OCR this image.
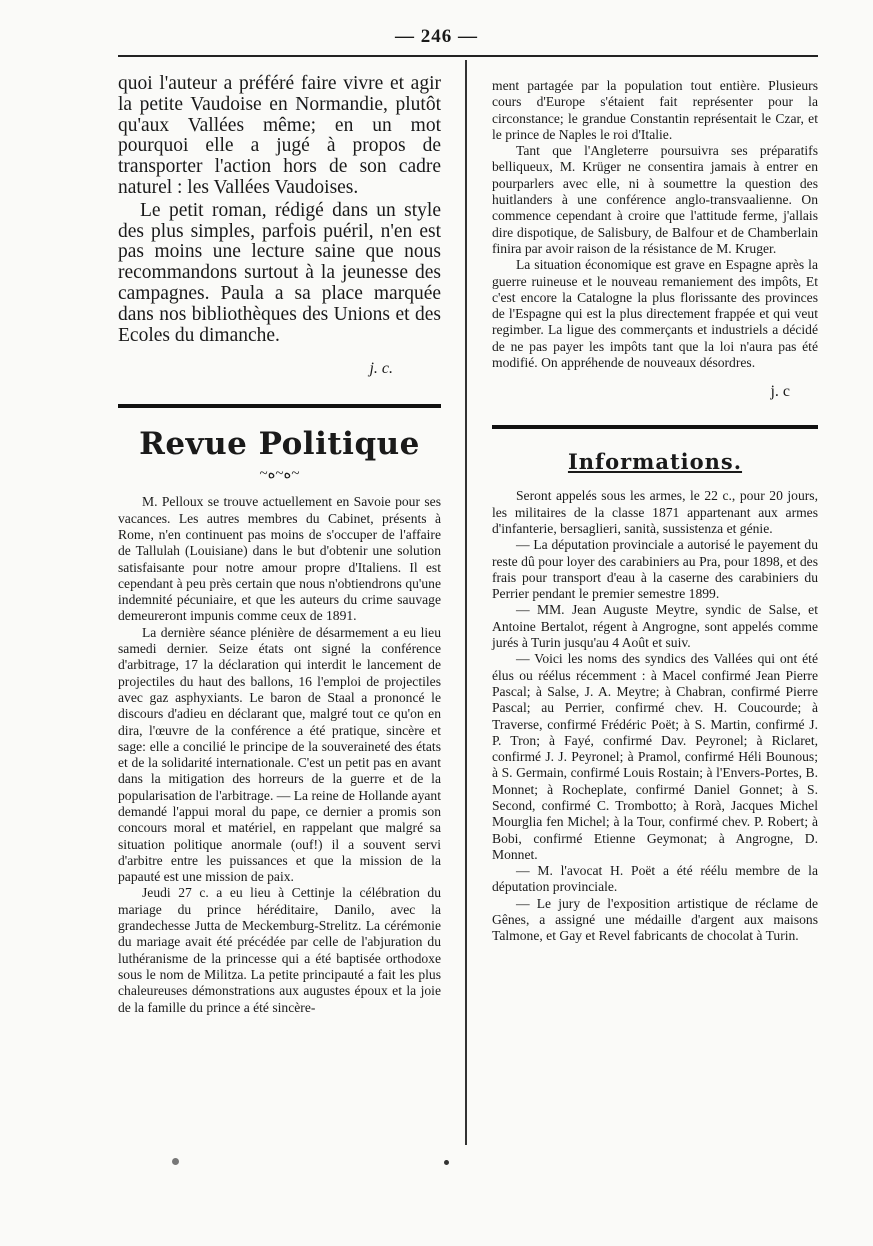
— 246 —

quoi l'auteur a préféré faire vivre et agir la petite Vaudoise en Normandie, plutôt qu'aux Vallées même; en un mot pourquoi elle a jugé à propos de transporter l'action hors de son cadre naturel : les Vallées Vaudoises.

Le petit roman, rédigé dans un style des plus simples, parfois puéril, n'en est pas moins une lecture saine que nous recommandons surtout à la jeunesse des campagnes. Paula a sa place marquée dans nos bibliothèques des Unions et des Ecoles du dimanche.

j. c.

Revue Politique
~ە~ە~

M. Pelloux se trouve actuellement en Savoie pour ses vacances. Les autres membres du Cabinet, présents à Rome, n'en continuent pas moins de s'occuper de l'affaire de Tallulah (Louisiane) dans le but d'obtenir une solution satisfaisante pour notre amour propre d'Italiens. Il est cependant à peu près certain que nous n'obtiendrons qu'une indemnité pécuniaire, et que les auteurs du crime sauvage demeureront impunis comme ceux de 1891.

La dernière séance plénière de désarmement a eu lieu samedi dernier. Seize états ont signé la conférence d'arbitrage, 17 la déclaration qui interdit le lancement de projectiles du haut des ballons, 16 l'emploi de projectiles avec gaz asphyxiants. Le baron de Staal a prononcé le discours d'adieu en déclarant que, malgré tout ce qu'on en dira, l'œuvre de la conférence a été pratique, sincère et sage: elle a concilié le principe de la souveraineté des états et de la solidarité internationale. C'est un petit pas en avant dans la mitigation des horreurs de la guerre et de la popularisation de l'arbitrage. — La reine de Hollande ayant demandé l'appui moral du pape, ce dernier a promis son concours moral et matériel, en rappelant que malgré sa situation politique anormale (ouf!) il a souvent servi d'arbitre entre les puissances et que la mission de la papauté est une mission de paix.

Jeudi 27 c. a eu lieu à Cettinje la célébration du mariage du prince héréditaire, Danilo, avec la grandechesse Jutta de Meckemburg-Strelitz. La cérémonie du mariage avait été précédée par celle de l'abjuration du luthéranisme de la princesse qui a été baptisée orthodoxe sous le nom de Militza. La petite principauté a fait les plus chaleureuses démonstrations aux augustes époux et la joie de la famille du prince a été sincère-

ment partagée par la population tout entière. Plusieurs cours d'Europe s'étaient fait représenter pour la circonstance; le grandue Constantin représentait le Czar, et le prince de Naples le roi d'Italie.

Tant que l'Angleterre poursuivra ses préparatifs belliqueux, M. Krüger ne consentira jamais à entrer en pourparlers avec elle, ni à soumettre la question des huitlanders à une conférence anglo-transvaalienne. On commence cependant à croire que l'attitude ferme, j'allais dire dispotique, de Salisbury, de Balfour et de Chamberlain finira par avoir raison de la résistance de M. Kruger.

La situation économique est grave en Espagne après la guerre ruineuse et le nouveau remaniement des impôts, Et c'est encore la Catalogne la plus florissante des provinces de l'Espagne qui est la plus directement frappée et qui veut regimber. La ligue des commerçants et industriels a décidé de ne pas payer les impôts tant que la loi n'aura pas été modifié. On appréhende de nouveaux désordres.

j. c

Informations.

Seront appelés sous les armes, le 22 c., pour 20 jours, les militaires de la classe 1871 appartenant aux armes d'infanterie, bersaglieri, sanità, sussistenza et génie.

— La députation provinciale a autorisé le payement du reste dû pour loyer des carabiniers au Pra, pour 1898, et des frais pour transport d'eau à la caserne des carabiniers du Perrier pendant le premier semestre 1899.

— MM. Jean Auguste Meytre, syndic de Salse, et Antoine Bertalot, régent à Angrogne, sont appelés comme jurés à Turin jusqu'au 4 Août et suiv.

— Voici les noms des syndics des Vallées qui ont été élus ou réélus récemment : à Macel confirmé Jean Pierre Pascal; à Salse, J. A. Meytre; à Chabran, confirmé Pierre Pascal; au Perrier, confirmé chev. H. Coucourde; à Traverse, confirmé Frédéric Poët; à S. Martin, confirmé J. P. Tron; à Fayé, confirmé Dav. Peyronel; à Riclaret, confirmé J. J. Peyronel; à Pramol, confirmé Héli Bounous; à S. Germain, confirmé Louis Rostain; à l'Envers-Portes, B. Monnet; à Rocheplate, confirmé Daniel Gonnet; à S. Second, confirmé C. Trombotto; à Rorà, Jacques Michel Mourglia fen Michel; à la Tour, confirmé chev. P. Robert; à Bobi, confirmé Etienne Geymonat; à Angrogne, D. Monnet.

— M. l'avocat H. Poët a été réélu membre de la députation provinciale.

— Le jury de l'exposition artistique de réclame de Gênes, a assigné une médaille d'argent aux maisons Talmone, et Gay et Revel fabricants de chocolat à Turin.
